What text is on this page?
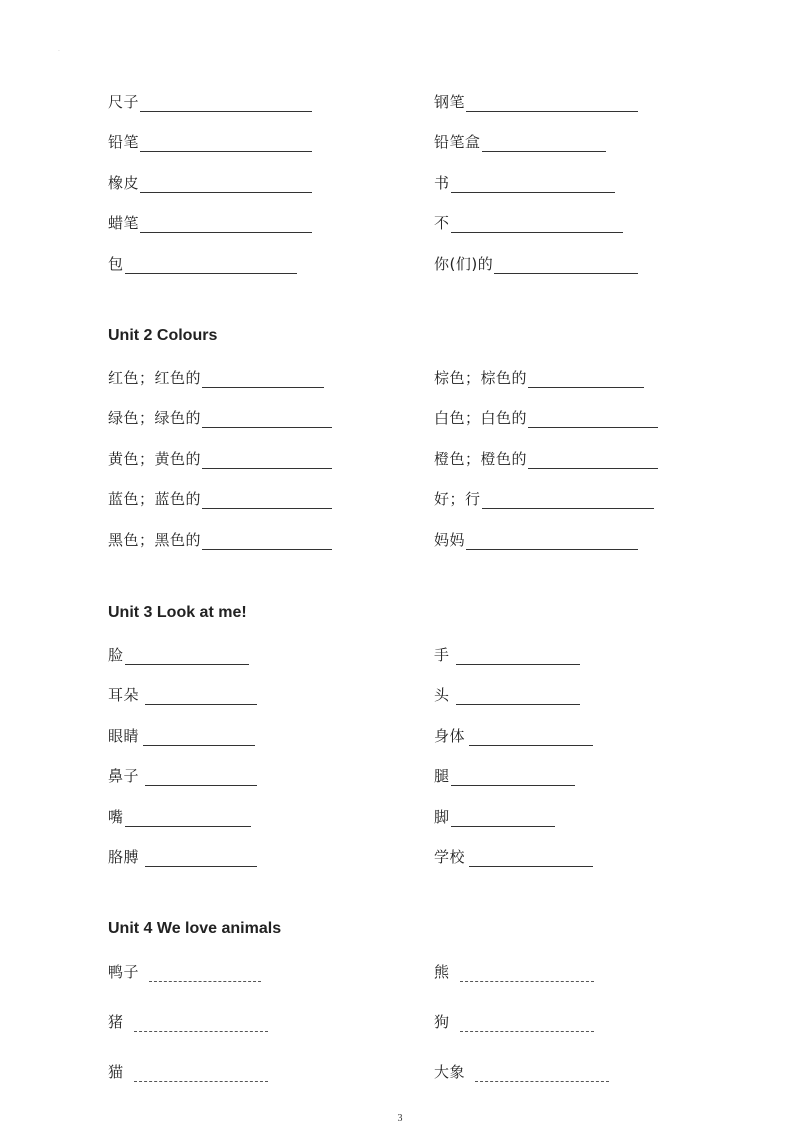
.
尺子	钢笔
铅笔	铅笔盒
橡皮	书
蜡笔	不
包	你(们)的
Unit 2 Colours
红色；红色的	棕色；棕色的
绿色；绿色的	白色；白色的
黄色；黄色的	橙色；橙色的
蓝色；蓝色的	好；行
黑色；黑色的	妈妈
Unit 3 Look at me!
脸	手
耳朵	头
眼睛	身体
鼻子	腿
嘴	脚
胳膊	学校
Unit 4 We love animals
鸭子	熊
猪	狗
猫	大象
3
